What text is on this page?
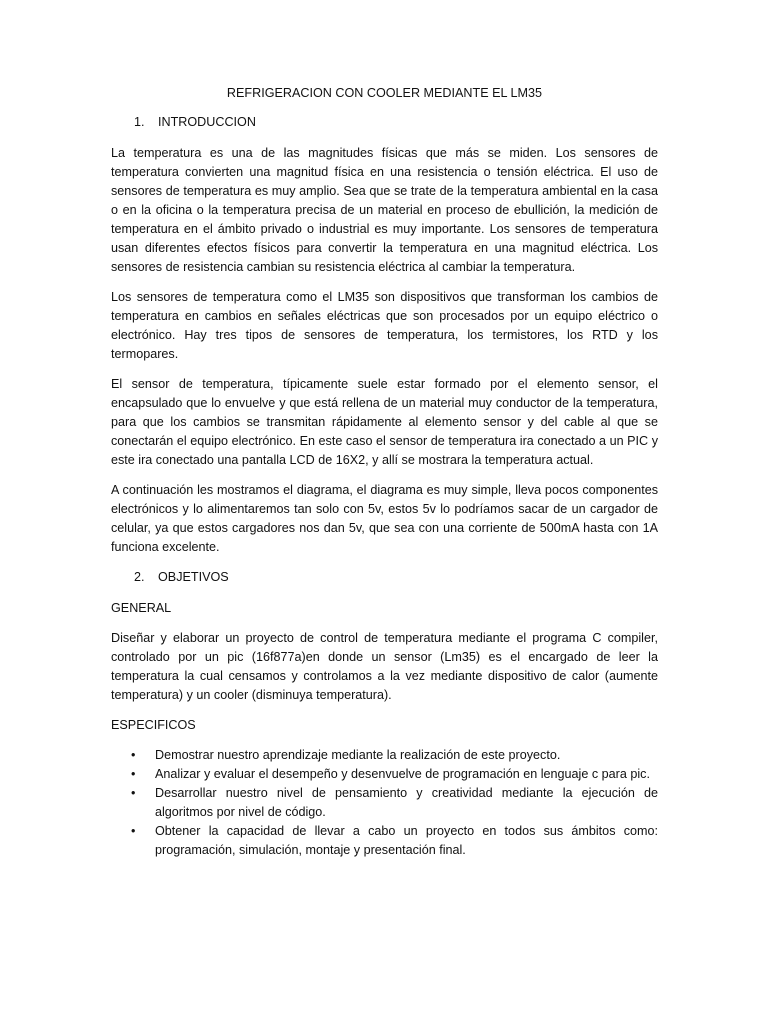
REFRIGERACION CON COOLER MEDIANTE EL LM35
1. INTRODUCCION

La temperatura es una de las magnitudes físicas que más se miden. Los sensores de temperatura convierten una magnitud física en una resistencia o tensión eléctrica. El uso de sensores de temperatura es muy amplio. Sea que se trate de la temperatura ambiental en la casa o en la oficina o la temperatura precisa de un material en proceso de ebullición, la medición de temperatura en el ámbito privado o industrial es muy importante. Los sensores de temperatura usan diferentes efectos físicos para convertir la temperatura en una magnitud eléctrica. Los sensores de resistencia cambian su resistencia eléctrica al cambiar la temperatura.

Los sensores de temperatura como el LM35 son dispositivos que transforman los cambios de temperatura en cambios en señales eléctricas que son procesados por un equipo eléctrico o electrónico. Hay tres tipos de sensores de temperatura, los termistores, los RTD y los termopares.

El sensor de temperatura, típicamente suele estar formado por el elemento sensor, el encapsulado que lo envuelve y que está rellena de un material muy conductor de la temperatura, para que los cambios se transmitan rápidamente al elemento sensor y del cable al que se conectarán el equipo electrónico. En este caso el sensor de temperatura ira conectado a un PIC y este ira conectado una pantalla LCD de 16X2, y allí se mostrara la temperatura actual.

A continuación les mostramos el diagrama, el diagrama es muy simple, lleva pocos componentes electrónicos y lo alimentaremos tan solo con 5v, estos 5v lo podríamos sacar de un cargador de celular, ya que estos cargadores nos dan 5v, que sea con una corriente de 500mA hasta con 1A funciona excelente.

2. OBJETIVOS
GENERAL

Diseñar y elaborar un proyecto de control de temperatura mediante el programa C compiler, controlado por un pic (16f877a)en donde un sensor (Lm35) es el encargado de leer la temperatura la cual censamos y controlamos a la vez mediante dispositivo de calor (aumente temperatura) y un cooler (disminuya temperatura).

ESPECIFICOS
• Demostrar nuestro aprendizaje mediante la realización de este proyecto.
• Analizar y evaluar el desempeño y desenvuelve de programación en lenguaje c para pic.
• Desarrollar nuestro nivel de pensamiento y creatividad mediante la ejecución de algoritmos por nivel de código.
• Obtener la capacidad de llevar a cabo un proyecto en todos sus ámbitos como: programación, simulación, montaje y presentación final.
